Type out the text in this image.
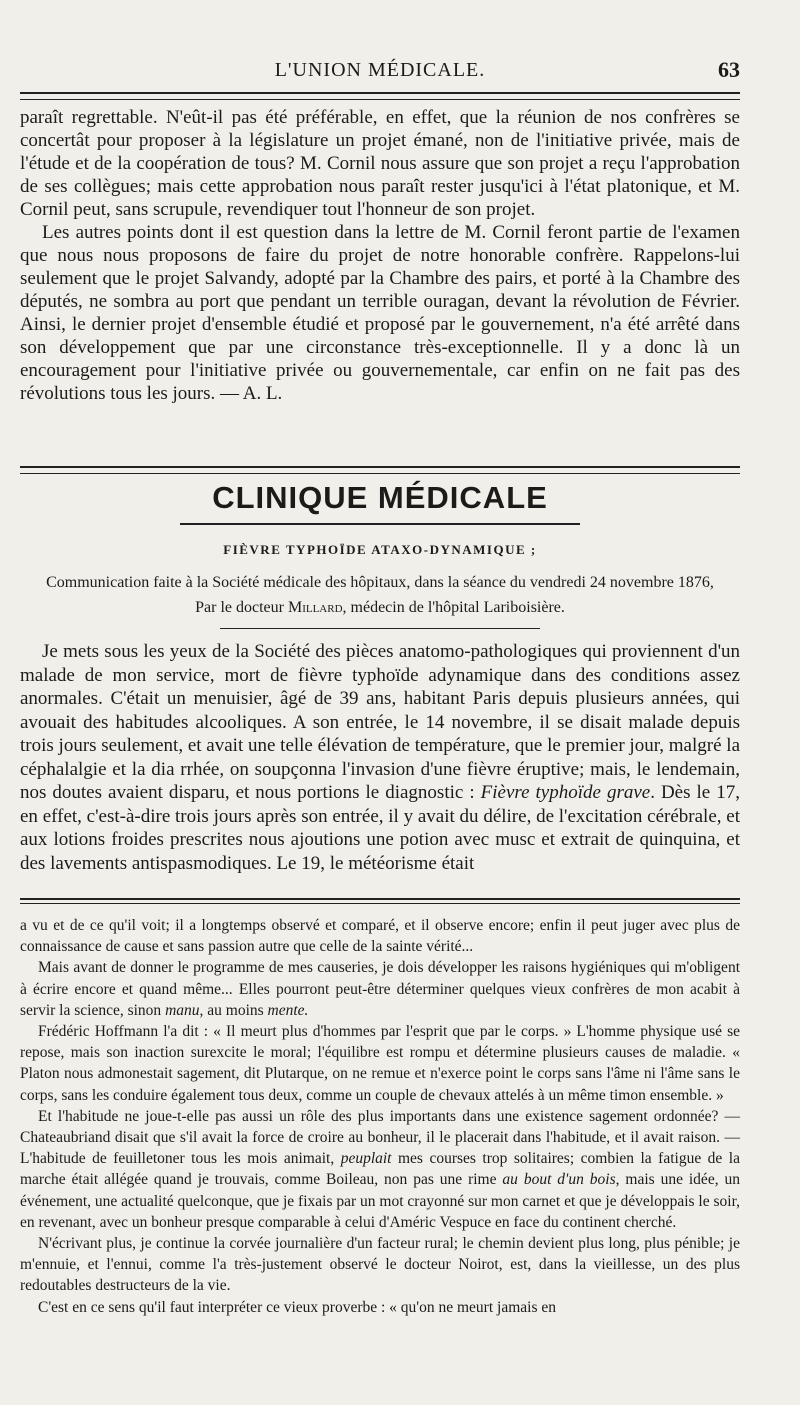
L'UNION MÉDICALE.	63

paraît regrettable. N'eût-il pas été préférable, en effet, que la réunion de nos confrères se concertât pour proposer à la législature un projet émané, non de l'initiative privée, mais de l'étude et de la coopération de tous? M. Cornil nous assure que son projet a reçu l'approbation de ses collègues; mais cette approbation nous paraît rester jusqu'ici à l'état platonique, et M. Cornil peut, sans scrupule, revendiquer tout l'honneur de son projet.

Les autres points dont il est question dans la lettre de M. Cornil feront partie de l'examen que nous nous proposons de faire du projet de notre honorable confrère. Rappelons-lui seulement que le projet Salvandy, adopté par la Chambre des pairs, et porté à la Chambre des députés, ne sombra au port que pendant un terrible ouragan, devant la révolution de Février. Ainsi, le dernier projet d'ensemble étudié et proposé par le gouvernement, n'a été arrêté dans son développement que par une circonstance très-exceptionnelle. Il y a donc là un encouragement pour l'initiative privée ou gouvernementale, car enfin on ne fait pas des révolutions tous les jours. — A. L.

CLINIQUE MÉDICALE
FIÈVRE TYPHOÏDE ATAXO-DYNAMIQUE ;
Communication faite à la Société médicale des hôpitaux, dans la séance du vendredi 24 novembre 1876,
Par le docteur Millard, médecin de l'hôpital Lariboisière.

Je mets sous les yeux de la Société des pièces anatomo-pathologiques qui proviennent d'un malade de mon service, mort de fièvre typhoïde adynamique dans des conditions assez anormales. C'était un menuisier, âgé de 39 ans, habitant Paris depuis plusieurs années, qui avouait des habitudes alcooliques. A son entrée, le 14 novembre, il se disait malade depuis trois jours seulement, et avait une telle élévation de température, que le premier jour, malgré la céphalalgie et la dia rrhée, on soupçonna l'invasion d'une fièvre éruptive; mais, le lendemain, nos doutes avaient disparu, et nous portions le diagnostic : Fièvre typhoïde grave. Dès le 17, en effet, c'est-à-dire trois jours après son entrée, il y avait du délire, de l'excitation cérébrale, et aux lotions froides prescrites nous ajoutions une potion avec musc et extrait de quinquina, et des lavements antispasmodiques. Le 19, le météorisme était

a vu et de ce qu'il voit; il a longtemps observé et comparé, et il observe encore; enfin il peut juger avec plus de connaissance de cause et sans passion autre que celle de la sainte vérité...

Mais avant de donner le programme de mes causeries, je dois développer les raisons hygiéniques qui m'obligent à écrire encore et quand même... Elles pourront peut-être déterminer quelques vieux confrères de mon acabit à servir la science, sinon manu, au moins mente.

Frédéric Hoffmann l'a dit : « Il meurt plus d'hommes par l'esprit que par le corps. » L'homme physique usé se repose, mais son inaction surexcite le moral; l'équilibre est rompu et détermine plusieurs causes de maladie. « Platon nous admonestait sagement, dit Plutarque, on ne remue et n'exerce point le corps sans l'âme ni l'âme sans le corps, sans les conduire également tous deux, comme un couple de chevaux attelés à un même timon ensemble. »

Et l'habitude ne joue-t-elle pas aussi un rôle des plus importants dans une existence sagement ordonnée? — Chateaubriand disait que s'il avait la force de croire au bonheur, il le placerait dans l'habitude, et il avait raison. — L'habitude de feuilletoner tous les mois animait, peuplait mes courses trop solitaires; combien la fatigue de la marche était allégée quand je trouvais, comme Boileau, non pas une rime au bout d'un bois, mais une idée, un événement, une actualité quelconque, que je fixais par un mot crayonné sur mon carnet et que je développais le soir, en revenant, avec un bonheur presque comparable à celui d'Améric Vespuce en face du continent cherché.

N'écrivant plus, je continue la corvée journalière d'un facteur rural; le chemin devient plus long, plus pénible; je m'ennuie, et l'ennui, comme l'a très-justement observé le docteur Noirot, est, dans la vieillesse, un des plus redoutables destructeurs de la vie.

C'est en ce sens qu'il faut interpréter ce vieux proverbe : « qu'on ne meurt jamais en
